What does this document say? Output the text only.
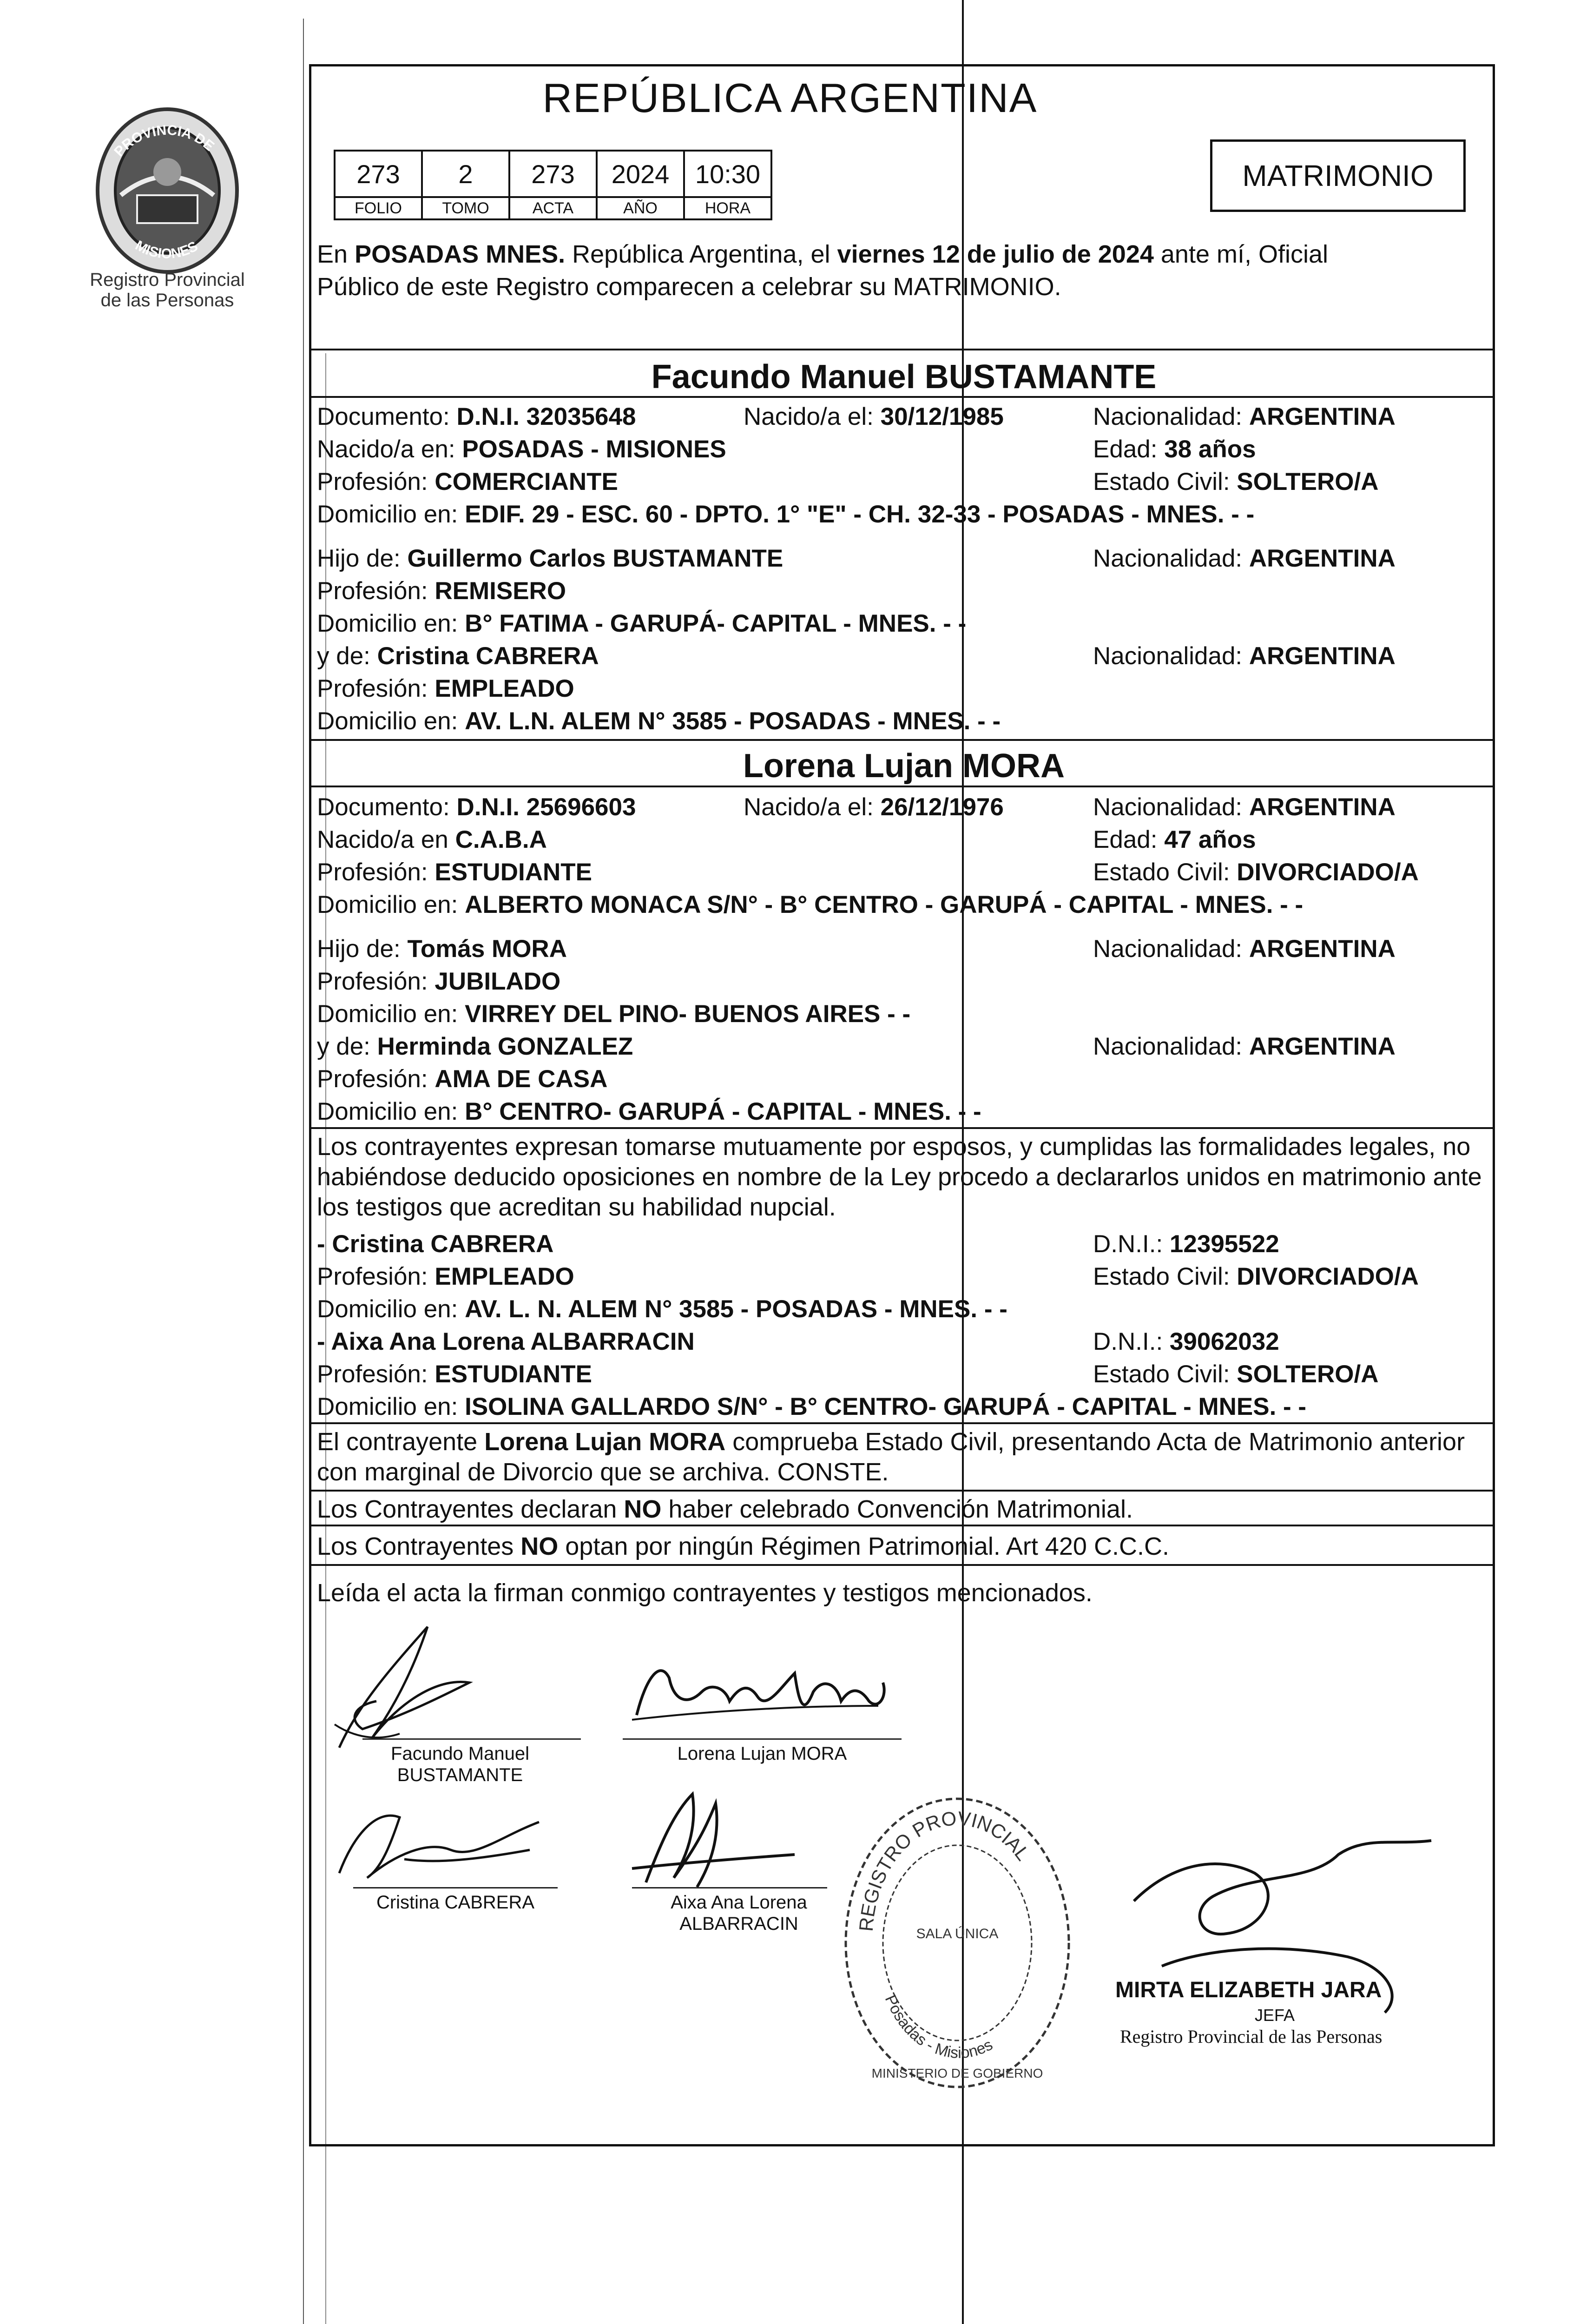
PROVINCIA DE
MISIONES
Registro Provincial
de las Personas
REPÚBLICA ARGENTINA
273	2	273	2024	10:30
FOLIO	TOMO	ACTA	AÑO	HORA
MATRIMONIO
En POSADAS MNES. República Argentina, el viernes 12 de julio de 2024 ante mí, Oficial
Público de este Registro comparecen a celebrar su MATRIMONIO.
Facundo Manuel BUSTAMANTE
Documento: D.N.I. 32035648	Nacido/a el: 30/12/1985	Nacionalidad: ARGENTINA
Nacido/a en: POSADAS - MISIONES	Edad: 38 años
Profesión: COMERCIANTE	Estado Civil: SOLTERO/A
Domicilio en: EDIF. 29 - ESC. 60 - DPTO. 1° "E" - CH. 32-33 - POSADAS - MNES. - -
Hijo de: Guillermo Carlos BUSTAMANTE	Nacionalidad: ARGENTINA
Profesión: REMISERO
Domicilio en: B° FATIMA - GARUPÁ- CAPITAL - MNES. - -
y de: Cristina CABRERA	Nacionalidad: ARGENTINA
Profesión: EMPLEADO
Domicilio en: AV. L.N. ALEM N° 3585 - POSADAS - MNES. - -
Lorena Lujan MORA
Documento: D.N.I. 25696603	Nacido/a el: 26/12/1976	Nacionalidad: ARGENTINA
Nacido/a en C.A.B.A	Edad: 47 años
Profesión: ESTUDIANTE	Estado Civil: DIVORCIADO/A
Domicilio en: ALBERTO MONACA S/N° - B° CENTRO - GARUPÁ - CAPITAL - MNES. - -
Hijo de: Tomás MORA	Nacionalidad: ARGENTINA
Profesión: JUBILADO
Domicilio en: VIRREY DEL PINO- BUENOS AIRES - -
y de: Herminda GONZALEZ	Nacionalidad: ARGENTINA
Profesión: AMA DE CASA
Domicilio en: B° CENTRO- GARUPÁ - CAPITAL - MNES. - -
Los contrayentes expresan tomarse mutuamente por esposos, y cumplidas las formalidades legales, no
habiéndose deducido oposiciones en nombre de la Ley procedo a declararlos unidos en matrimonio ante
los testigos que acreditan su habilidad nupcial.
- Cristina CABRERA	D.N.I.: 12395522
Profesión: EMPLEADO	Estado Civil: DIVORCIADO/A
Domicilio en: AV. L. N. ALEM N° 3585 - POSADAS - MNES. - -
- Aixa Ana Lorena ALBARRACIN	D.N.I.: 39062032
Profesión: ESTUDIANTE	Estado Civil: SOLTERO/A
Domicilio en: ISOLINA GALLARDO S/N° - B° CENTRO- GARUPÁ - CAPITAL - MNES. - -
El contrayente Lorena Lujan MORA comprueba Estado Civil, presentando Acta de Matrimonio anterior
con marginal de Divorcio que se archiva. CONSTE.
Los Contrayentes declaran NO haber celebrado Convención Matrimonial.
Los Contrayentes NO optan por ningún Régimen Patrimonial. Art 420 C.C.C.
Leída el acta la firman conmigo contrayentes y testigos mencionados.
Facundo Manuel
BUSTAMANTE
Lorena Lujan MORA
Cristina CABRERA	Aixa Ana Lorena
ALBARRACIN	REGISTRO PROVINCIAL
Posadas - Misiones
SALA ÚNICA
MINISTERIO DE GOBIERNO
MIRTA ELIZABETH JARA
JEFA
Registro Provincial de las Personas
